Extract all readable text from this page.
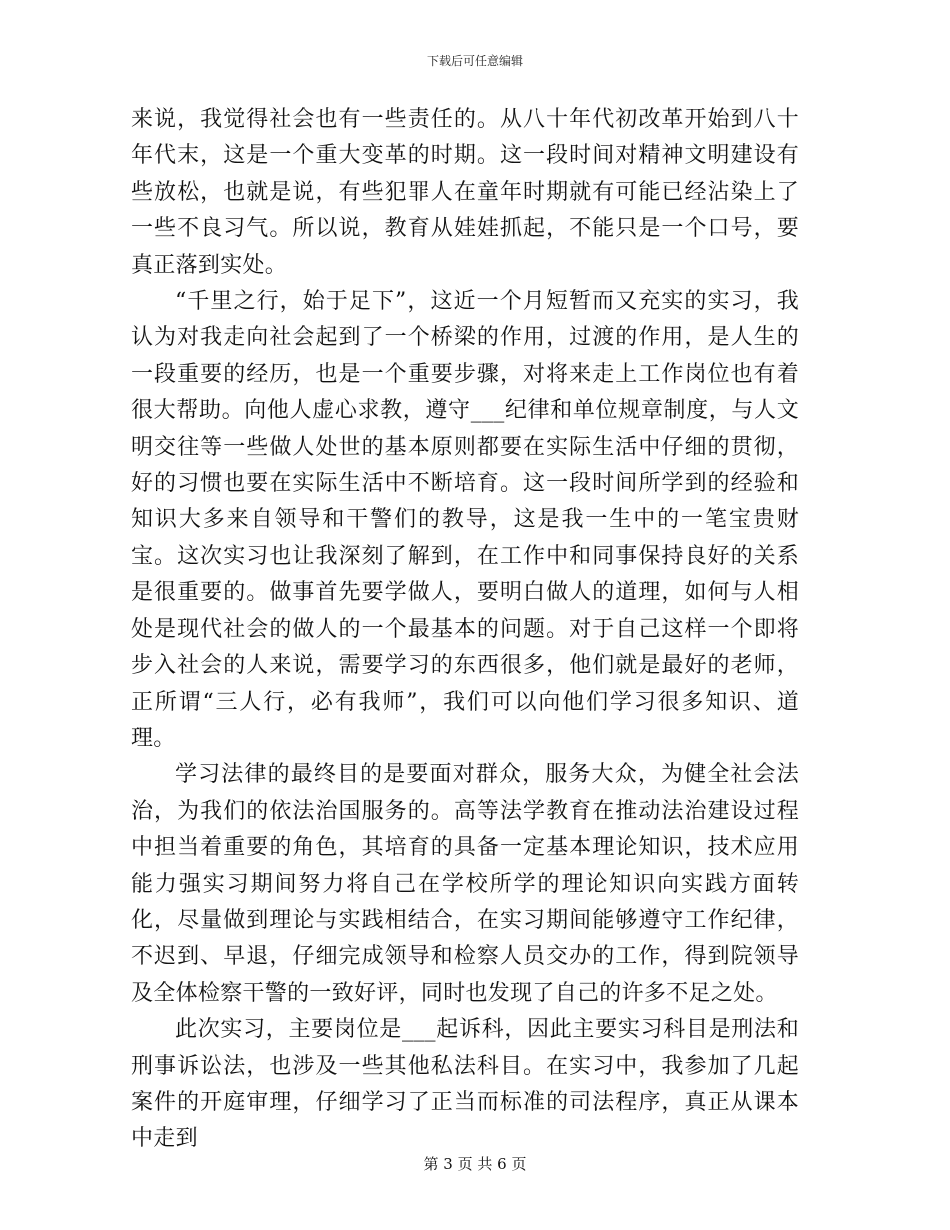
下载后可任意编辑

来说，我觉得社会也有一些责任的。从八十年代初改革开始到八十年代末，这是一个重大变革的时期。这一段时间对精神文明建设有些放松，也就是说，有些犯罪人在童年时期就有可能已经沾染上了一些不良习气。所以说，教育从娃娃抓起，不能只是一个口号，要真正落到实处。

“千里之行，始于足下”，这近一个月短暂而又充实的实习，我认为对我走向社会起到了一个桥梁的作用，过渡的作用，是人生的一段重要的经历，也是一个重要步骤，对将来走上工作岗位也有着很大帮助。向他人虚心求教，遵守___纪律和单位规章制度，与人文明交往等一些做人处世的基本原则都要在实际生活中仔细的贯彻，好的习惯也要在实际生活中不断培育。这一段时间所学到的经验和知识大多来自领导和干警们的教导，这是我一生中的一笔宝贵财宝。这次实习也让我深刻了解到，在工作中和同事保持良好的关系是很重要的。做事首先要学做人，要明白做人的道理，如何与人相处是现代社会的做人的一个最基本的问题。对于自己这样一个即将步入社会的人来说，需要学习的东西很多，他们就是最好的老师，正所谓“三人行，必有我师”，我们可以向他们学习很多知识、道理。

学习法律的最终目的是要面对群众，服务大众，为健全社会法治，为我们的依法治国服务的。高等法学教育在推动法治建设过程中担当着重要的角色，其培育的具备一定基本理论知识，技术应用能力强实习期间努力将自己在学校所学的理论知识向实践方面转化，尽量做到理论与实践相结合，在实习期间能够遵守工作纪律，不迟到、早退，仔细完成领导和检察人员交办的工作，得到院领导及全体检察干警的一致好评，同时也发现了自己的许多不足之处。

此次实习，主要岗位是___起诉科，因此主要实习科目是刑法和刑事诉讼法，也涉及一些其他私法科目。在实习中，我参加了几起案件的开庭审理，仔细学习了正当而标准的司法程序，真正从课本中走到

第 3 页 共 6 页
